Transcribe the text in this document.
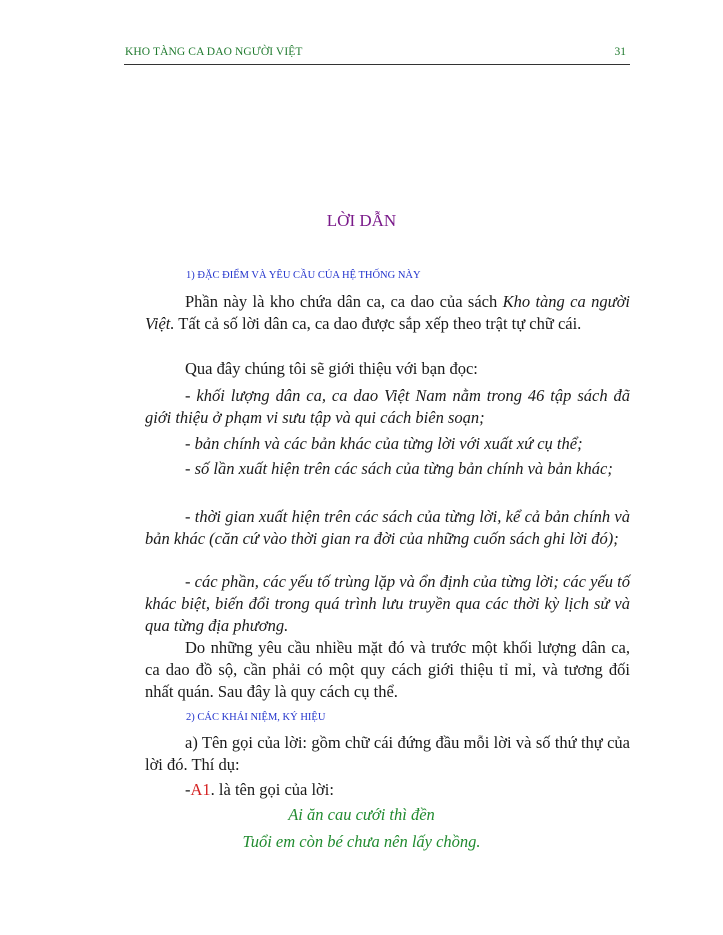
KHO TÀNG CA DAO NGƯỜI VIỆT	31
LỜI DẪN
1) ĐẶC ĐIỂM VÀ YÊU CẦU CỦA HỆ THỐNG NÀY

Phần này là kho chứa dân ca, ca dao của sách Kho tàng ca người Việt. Tất cả số lời dân ca, ca dao được sắp xếp theo trật tự chữ cái.

Qua đây chúng tôi sẽ giới thiệu với bạn đọc:

- khối lượng dân ca, ca dao Việt Nam nằm trong 46 tập sách đã giới thiệu ở phạm vi sưu tập và qui cách biên soạn;

- bản chính và các bản khác của từng lời với xuất xứ cụ thể;

- số lần xuất hiện trên các sách của từng bản chính và bản khác;

- thời gian xuất hiện trên các sách của từng lời, kể cả bản chính và bản khác (căn cứ vào thời gian ra đời của những cuốn sách ghi lời đó);

- các phần, các yếu tố trùng lặp và ổn định của từng lời; các yếu tố khác biệt, biến đổi trong quá trình lưu truyền qua các thời kỳ lịch sử và qua từng địa phương.

Do những yêu cầu nhiều mặt đó và trước một khối lượng dân ca, ca dao đồ sộ, cần phải có một quy cách giới thiệu tỉ mỉ, và tương đối nhất quán. Sau đây là quy cách cụ thể.

2) CÁC KHÁI NIỆM, KÝ HIỆU

a) Tên gọi của lời: gồm chữ cái đứng đầu mỗi lời và số thứ thự của lời đó. Thí dụ:

-A1. là tên gọi của lời:

Ai ăn cau cưới thì đền
Tuổi em còn bé chưa nên lấy chồng.
